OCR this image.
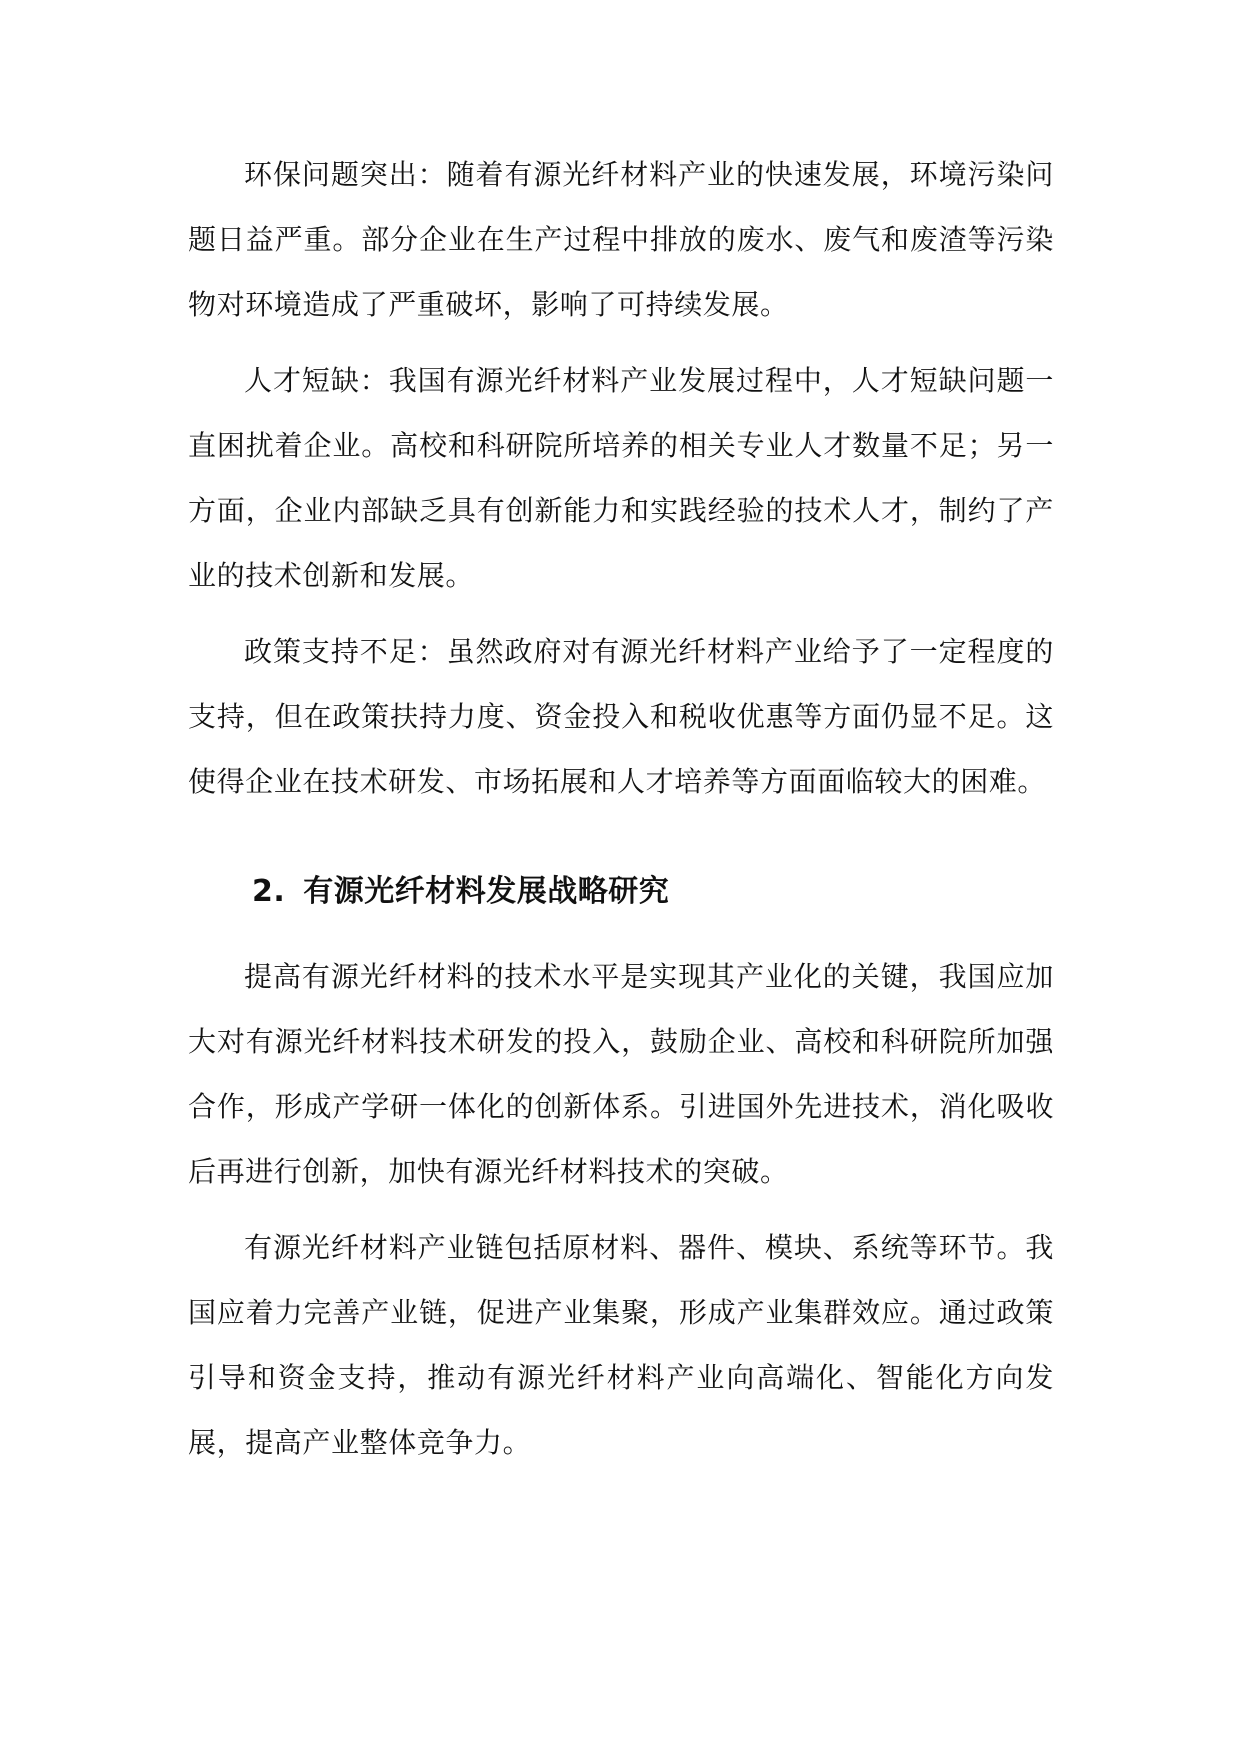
环保问题突出：随着有源光纤材料产业的快速发展，环境污染问题日益严重。部分企业在生产过程中排放的废水、废气和废渣等污染物对环境造成了严重破坏，影响了可持续发展。

人才短缺：我国有源光纤材料产业发展过程中，人才短缺问题一直困扰着企业。高校和科研院所培养的相关专业人才数量不足；另一方面，企业内部缺乏具有创新能力和实践经验的技术人才，制约了产业的技术创新和发展。

政策支持不足：虽然政府对有源光纤材料产业给予了一定程度的支持，但在政策扶持力度、资金投入和税收优惠等方面仍显不足。这使得企业在技术研发、市场拓展和人才培养等方面面临较大的困难。

2. 有源光纤材料发展战略研究

提高有源光纤材料的技术水平是实现其产业化的关键，我国应加大对有源光纤材料技术研发的投入，鼓励企业、高校和科研院所加强合作，形成产学研一体化的创新体系。引进国外先进技术，消化吸收后再进行创新，加快有源光纤材料技术的突破。

有源光纤材料产业链包括原材料、器件、模块、系统等环节。我国应着力完善产业链，促进产业集聚，形成产业集群效应。通过政策引导和资金支持，推动有源光纤材料产业向高端化、智能化方向发展，提高产业整体竞争力。
